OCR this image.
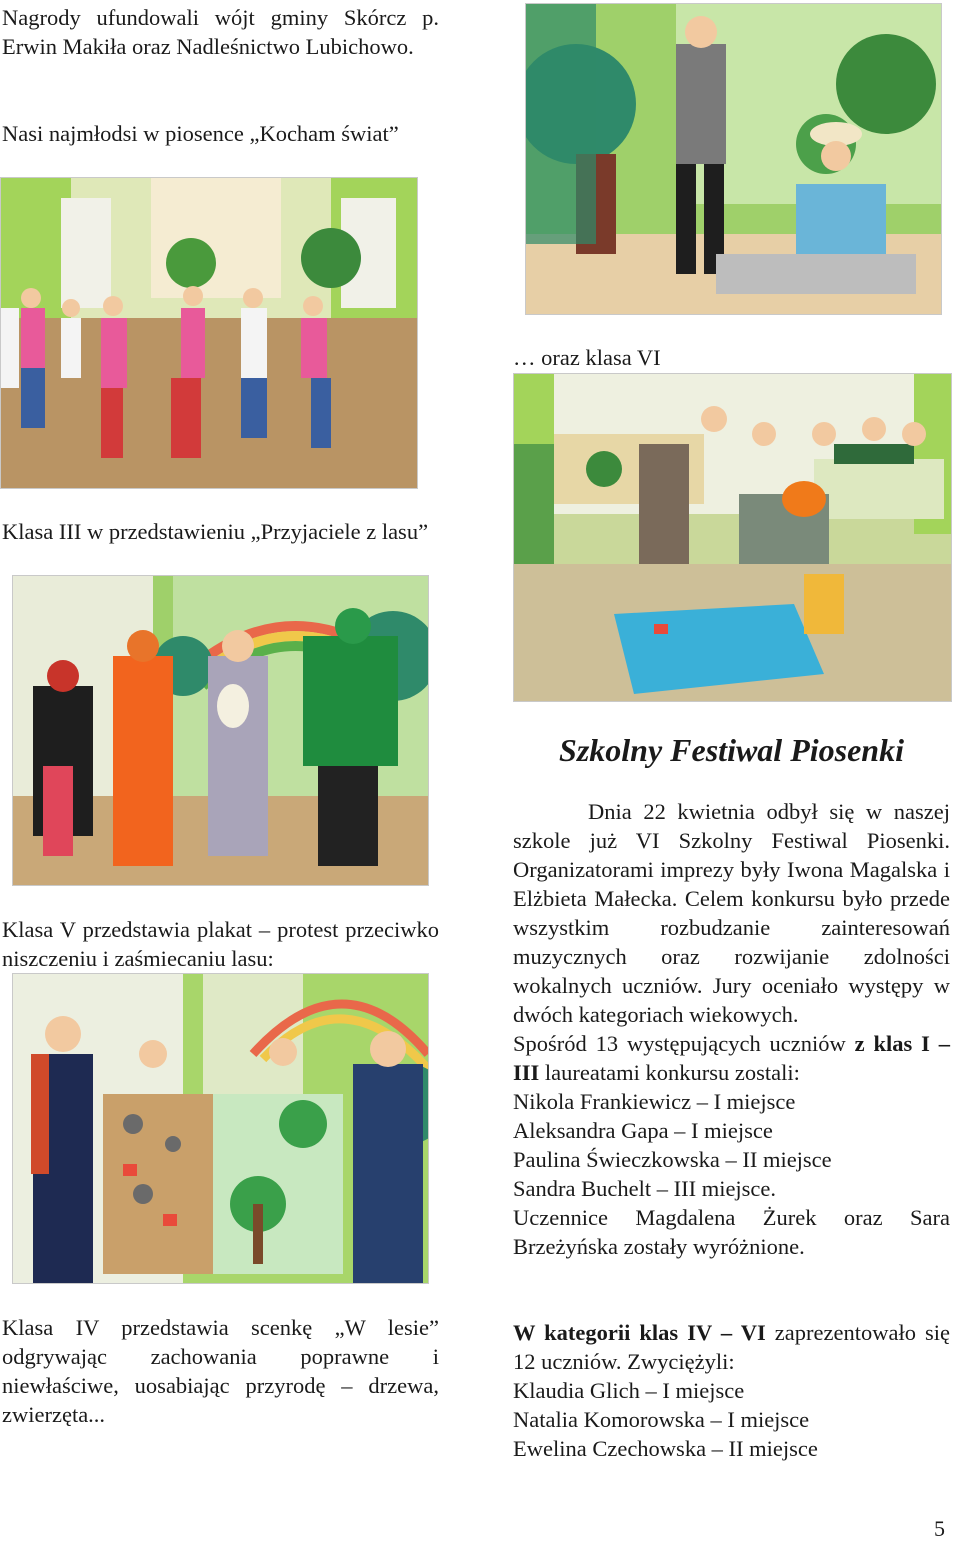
Nagrody ufundowali wójt gminy Skórcz p. Erwin Makiła oraz Nadleśnictwo Lubichowo.

Nasi najmłodsi w piosence „Kocham świat”

Klasa III w przedstawieniu „Przyjaciele z lasu”

Klasa V przedstawia plakat – protest przeciwko niszczeniu i zaśmiecaniu lasu:

Klasa IV przedstawia scenkę „W lesie” odgrywając zachowania poprawne i niewłaściwe, uosabiając przyrodę – drzewa, zwierzęta...

… oraz klasa VI

Szkolny Festiwal Piosenki

Dnia 22 kwietnia odbył się w naszej szkole już VI Szkolny Festiwal Piosenki. Organizatorami imprezy były Iwona Magalska i Elżbieta Małecka. Celem konkursu było przede wszystkim rozbudzanie zainteresowań muzycznych oraz rozwijanie zdolności wokalnych uczniów. Jury oceniało występy w dwóch kategoriach wiekowych.

Spośród 13 występujących uczniów z klas I – III laureatami konkursu zostali:

Nikola Frankiewicz – I miejsce
Aleksandra Gapa – I miejsce
Paulina Świeczkowska – II miejsce
Sandra Buchelt – III miejsce.

Uczennice Magdalena Żurek oraz Sara Brzeżyńska zostały wyróżnione.

W kategorii klas IV – VI zaprezentowało się 12 uczniów. Zwyciężyli:

Klaudia Glich – I miejsce
Natalia Komorowska – I miejsce
Ewelina Czechowska – II miejsce
5
